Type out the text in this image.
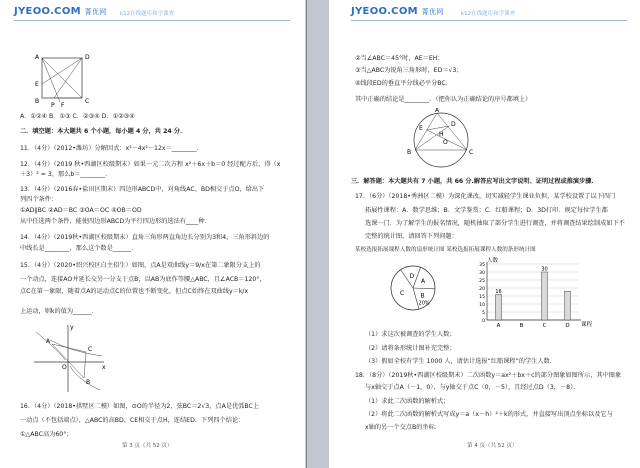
JYEOO.COM 菁优网 k12在线题库和学课查
A	D
E
B
P
C
F
A．①②④ B．①③ C．②③④ D．①②③④
二．填空题：本大题共 6 个小题，每小题 4 分，共 24 分．
11．（4分）（2012•潍坊）分解因式：x³－4x²－12x＝________．
12．（4分）（2019 秋•西湖区校级期末）如果一元二次方程 x²＋6x＋b＝0 经过配方后，得（x
＋3）² = 3，那么b＝________．
13．（4分）（2016春•盐田区期末）四边形ABCD中，对角线AC、BD相交于点O，给出下
列四个条件：
①AD∥BC ②AD＝BC ③OA＝OC ④OB＝OD
从中任选两个条件，能使四边形ABCD为平行四边形的选法有____种．
14．（4分）（2019秋•西湖区校级期末）直角三角形两直角边长分别为3和4，三角形斜边的
中线长是________，那么这个数是______．
15．（4分）（2020•绍兴校区白主招生）如图，点A是双曲线y＝9/x在第二象限分支上的
一个动点，连接AO并延长交另一分支于点B，以AB为底作等腰△ABC，且∠ACB＝120°，
点C在第一象限，随着点A的运动点C的位置也不断变化，但点C始终在双曲线y＝k/x
上运动，则k的值为______．
y
A
B
O
C
x
16．（4分）（2018•拱墅区二模）如图，⊙O的半径为2，弦BC＝2√3，点A是优弧BC上
一动点（不包括端点），△ABC的高BD、CE相交于点H，连结ED．下列四个结论：
①△ABC高为60°；
第 3 页（共 52 页）
JYEOO.COM 菁优网	k12在线题库和学课查
②当∠ABC＝45°时，AE＝EH；
③当△ABC为锐角三角形时，ED＝√3；
④线段ED的垂直平分线必平分BC．
其中正确的结论是________．（把你认为正确结论的序号都填上）
A
E
H
D
O
B	C
三．解答题：本大题共有 7 小题，共 66 分.解答应写出文字说明、证明过程或推演步骤．
17．（6分）（2018•秀洲区二模）为深化课改，切实减轻学生课业负担，某学校设置了以下四门
拓展性课程：A．数学思维；B．文学鉴赏；C．红船课程；D．3D打印．规定每位学生都
选课一门．为了解学生的报名情况，随机抽取了部分学生进行调查，并将调查结果绘制成如下不
完整的统计图，请回答下列问题：
某校选报拓展课程人数的扇形统计图 某校选报拓展课程人数的条形统计图
A
B
20%
C
D
0
5
10
15
20
25
30
35
A
16
B	C
30
D
人数
课程
（1）求这次被调查的学生人数；
（2）请将条形统计图补充完整；
（3）假如全校有学生 1000 人，请估计选报“红船课程”的学生人数．
18．（8分）（2019秋•西湖区校级期末）二次函数y＝ax²＋bx＋c的部分图象如图所示，其中图象
与x轴交于点A（－1，0），与y轴交于点C（0，－5），且经过点D（3，－8）．
（1）求此二次函数的解析式；
（2）将此二次函数的解析式写成y＝a（x－h）²＋k的形式，并直接写出顶点坐标以及它与
x轴的另一个交点B的坐标．
第 4 页（共 52 页）
